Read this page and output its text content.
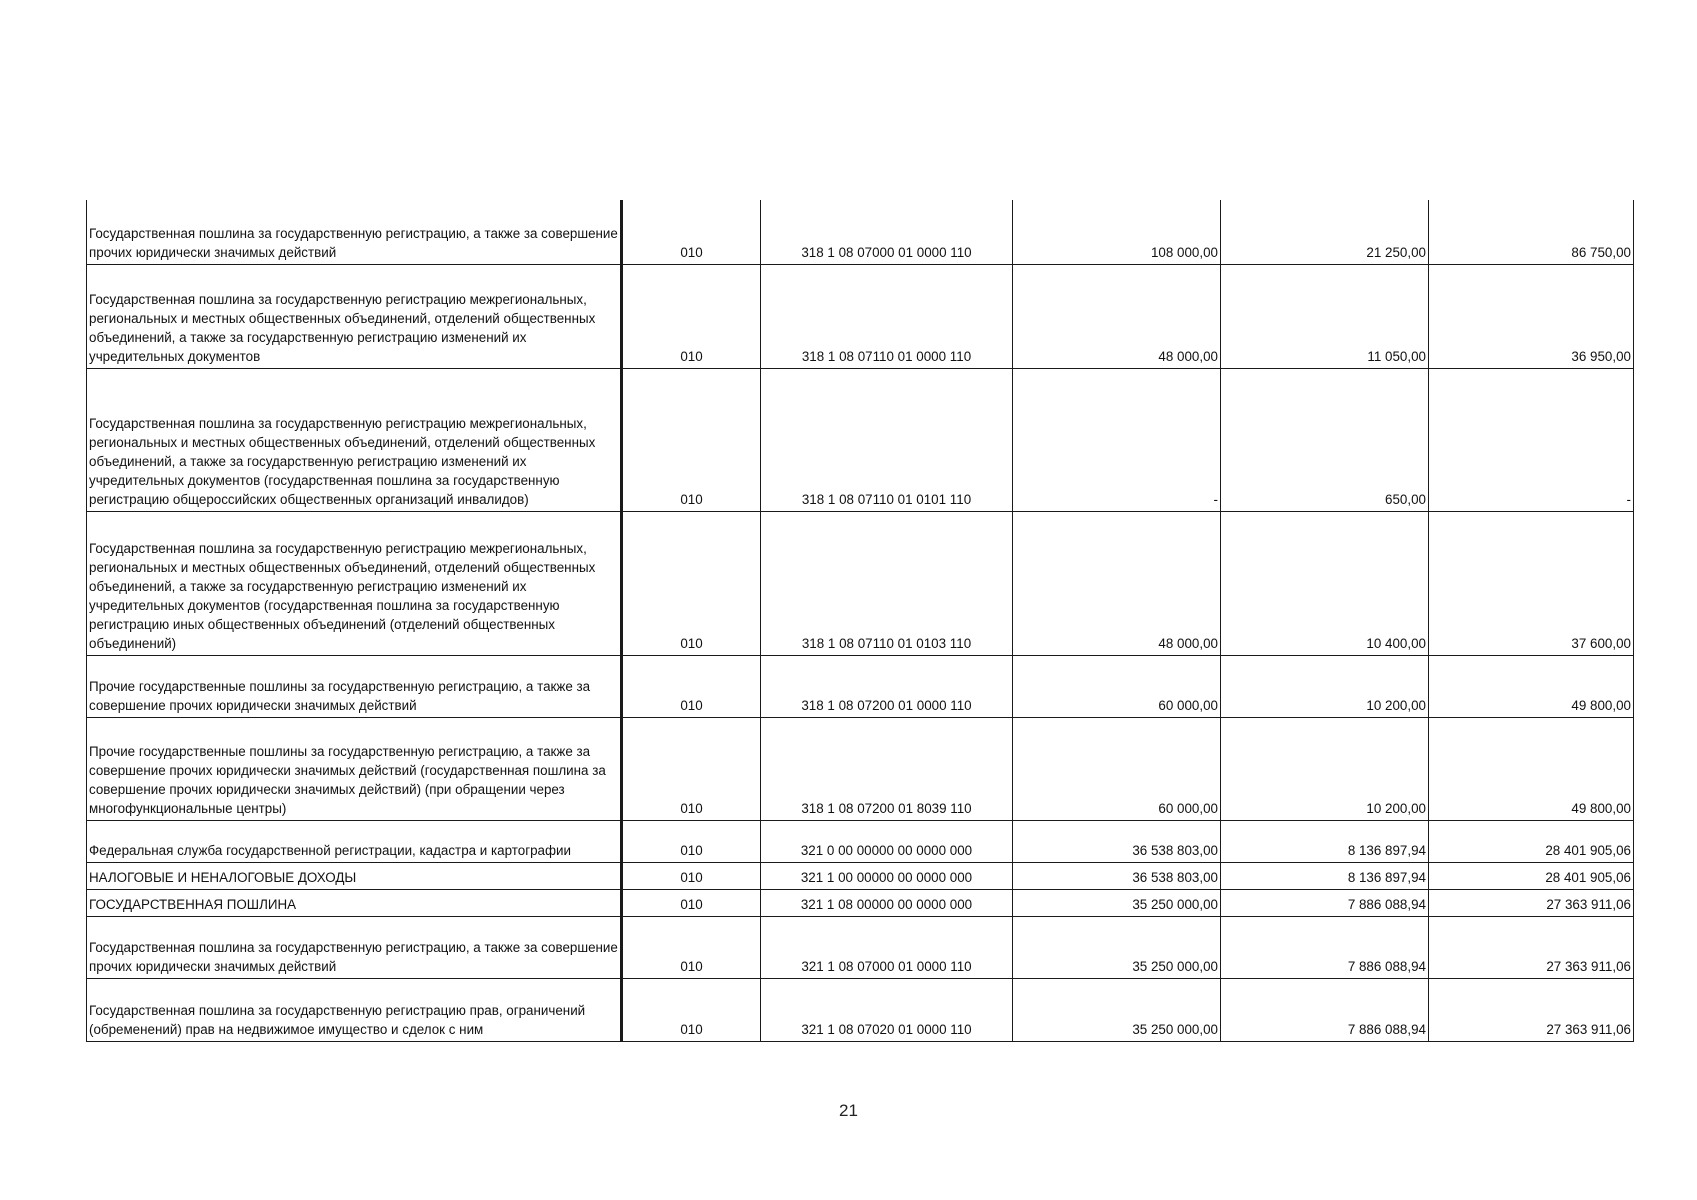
Государственная пошлина за государственную регистрацию, а также за совершение прочих юридически значимых действий	010	318 1 08 07000 01 0000 110	108 000,00	21 250,00	86 750,00
Государственная пошлина за государственную регистрацию межрегиональных, региональных и местных общественных объединений, отделений общественных объединений, а также за государственную регистрацию изменений их учредительных документов	010	318 1 08 07110 01 0000 110	48 000,00	11 050,00	36 950,00
Государственная пошлина за государственную регистрацию межрегиональных, региональных и местных общественных объединений, отделений общественных объединений, а также за государственную регистрацию изменений их учредительных документов (государственная пошлина за государственную регистрацию общероссийских общественных организаций инвалидов)	010	318 1 08 07110 01 0101 110	-	650,00	-
Государственная пошлина за государственную регистрацию межрегиональных, региональных и местных общественных объединений, отделений общественных объединений, а также за государственную регистрацию изменений их учредительных документов (государственная пошлина за государственную регистрацию иных общественных объединений (отделений общественных объединений)	010	318 1 08 07110 01 0103 110	48 000,00	10 400,00	37 600,00
Прочие государственные пошлины за государственную регистрацию, а также за совершение прочих юридически значимых действий	010	318 1 08 07200 01 0000 110	60 000,00	10 200,00	49 800,00
Прочие государственные пошлины за государственную регистрацию, а также за совершение прочих юридически значимых действий (государственная пошлина за совершение прочих юридически значимых действий) (при обращении через многофункциональные центры)	010	318 1 08 07200 01 8039 110	60 000,00	10 200,00	49 800,00
Федеральная служба государственной регистрации, кадастра и картографии	010	321 0 00 00000 00 0000 000	36 538 803,00	8 136 897,94	28 401 905,06
НАЛОГОВЫЕ И НЕНАЛОГОВЫЕ ДОХОДЫ	010	321 1 00 00000 00 0000 000	36 538 803,00	8 136 897,94	28 401 905,06
ГОСУДАРСТВЕННАЯ ПОШЛИНА	010	321 1 08 00000 00 0000 000	35 250 000,00	7 886 088,94	27 363 911,06
Государственная пошлина за государственную регистрацию, а также за совершение прочих юридически значимых действий	010	321 1 08 07000 01 0000 110	35 250 000,00	7 886 088,94	27 363 911,06
Государственная пошлина за государственную регистрацию прав, ограничений (обременений) прав на недвижимое имущество и сделок с ним	010	321 1 08 07020 01 0000 110	35 250 000,00	7 886 088,94	27 363 911,06
21
